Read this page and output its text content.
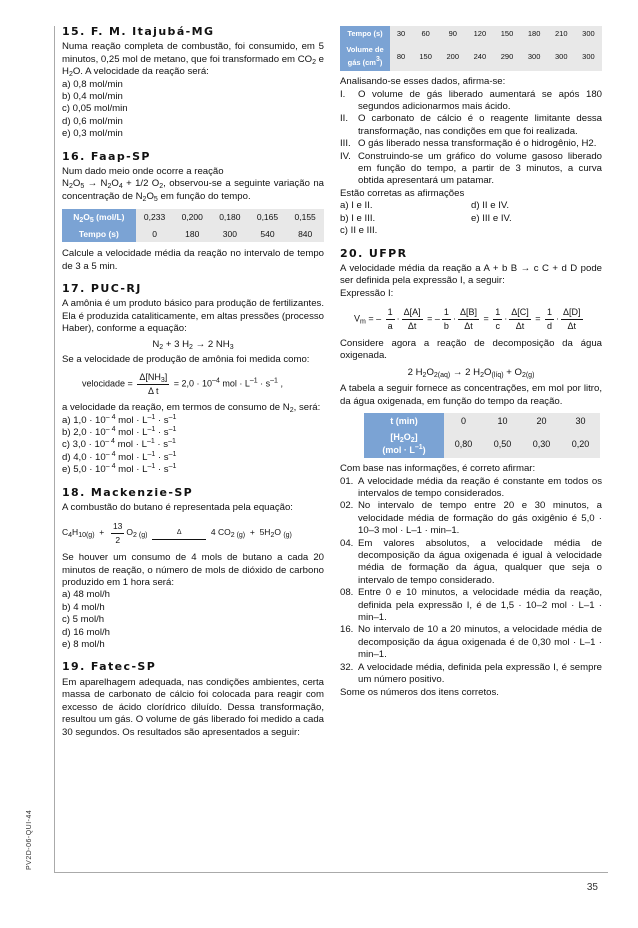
PV2D-06-QUI-44
35
15. F. M. Itajubá-MG

Numa reação completa de combustão, foi consumido, em 5 minutos, 0,25 mol de metano, que foi transformado em $CO_2$ e $H_2O$. A velocidade da reação será:

a) 0,8 mol/min

b) 0,4 mol/min

c) 0,05 mol/min

d) 0,6 mol/min

e) 0,3 mol/min

16. Faap-SP

Num dado meio onde ocorre a reação

$N_2O_5 \to N_2O_4 + 1/2$ $O_2$, observou-se a seguinte variação na concentração de $N_2O_5$ em função do tempo.

$N_2O_5$ (mol/L)	0,233	0,200	0,180	0,165	0,155
Tempo (s)	0	180	300	540	840

Calcule a velocidade média da reação no intervalo de tempo de 3 a 5 min.

17. PUC-RJ

A amônia é um produto básico para produção de fertilizantes. Ela é produzida cataliticamente, em altas pressões (processo Haber), conforme a equação:

$N_2 + 3$ $H_2 \to 2$ $NH_3$

Se a velocidade de produção de amônia foi medida como:

velocidade = $\frac{\Delta[NH_3]}{\text{Δ t}} = 2,0 \cdot 10^{-4}$ mol · $L^{-1} \cdot s^{-1}$ ,

a velocidade da reação, em termos de consumo de $N_2$, será:

a) $1,0 \cdot 10^{- 4}$ mol · $L^{-1} \cdot s^{-1}$

b) $2,0 \cdot 10^{- 4}$ mol · $L^{-1} \cdot s^{-1}$

c) $3,0 \cdot 10^{- 4}$ mol · $L^{-1} \cdot s^{-1}$

d) $4,0 \cdot 10^{- 4}$ mol · $L^{-1} \cdot s^{-1}$

e) $5,0 \cdot 10^{- 4}$ mol · $L^{-1} \cdot s^{-1}$

18. Mackenzie-SP

A combustão do butano é representada pela equação:

$C_4H_{10(g)} + \frac{13}{2} O_{2 (g)}$
Δ	4 $CO_{2 (g)} + 5H_2O$ $_{(g)}$

Se houver um consumo de 4 mols de butano a cada 20 minutos de reação, o número de mols de dióxido de carbono produzido em 1 hora será:

a) 48 mol/h

b) 4 mol/h

c) 5 mol/h

d) 16 mol/h

e) 8 mol/h

19. Fatec-SP

Em aparelhagem adequada, nas condições ambientes, certa massa de carbonato de cálcio foi colocada para reagir com excesso de ácido clorídrico diluído. Dessa transformação, resultou um gás. O volume de gás liberado foi medido a cada 30 segundos. Os resultados são apresentados a seguir:

Tempo (s)	30	60	90	120	150	180	210	300
Volume de gás $(cm^3)$	80	150	200	240	290	300	300	300

Analisando-se esses dados, afirma-se:

I.	O volume de gás liberado aumentará se após 180 segundos adicionarmos mais ácido.
II.	O carbonato de cálcio é o reagente limitante dessa transformação, nas condições em que foi realizada.
III. O gás liberado nessa transformação é o hidrogênio, H2.
IV. Construindo-se um gráfico do volume gasoso liberado em função do tempo, a partir de 3 minutos, a curva obtida apresentará um patamar.

Estão corretas as afirmações

a) I e II.

b) I e III.

c) II e III.

d) II e IV.

e) III e IV.

20. UFPR

A velocidade média da reação a A + b B → c C + d D pode ser definida pela expressão I, a seguir:

Expressão I:

$V_m$ = – $\frac{1}{a} \cdot \frac{\Delta[A]}{\Delta t}$ = – $\frac{1}{b} \cdot \frac{\Delta[B]}{\Delta t} = \frac{1}{c} \cdot \frac{\Delta[C]}{\Delta t} = \frac{1}{d} \cdot \frac{\Delta[D]}{\Delta t}$

Considere agora a reação de decomposição da água oxigenada.

2 $H_2O_{2(aq)} \to 2$ $H_2O_{(líq)} + O_{2(g)}$

A tabela a seguir fornece as concentrações, em mol por litro, da água oxigenada, em função do tempo da reação.

t (min)	0	10	20	30
$[H_2O_2]$
$(mol \cdot L^{-1})$	0,80	0,50	0,30	0,20

Com base nas informações, é correto afirmar:

01. A velocidade média da reação é constante em todos os intervalos de tempo considerados.
02. No intervalo de tempo entre 20 e 30 minutos, a velocidade média de formação do gás oxigênio é 5,0 · 10–3 mol · L–1 · min–1.
04. Em valores absolutos, a velocidade média de decomposição da água oxigenada é igual à velocidade média de formação da água, qualquer que seja o intervalo de tempo considerado.
08. Entre 0 e 10 minutos, a velocidade média da reação, definida pela expressão I, é de 1,5 · 10–2 mol · L–1 · min–1.
16. No intervalo de 10 a 20 minutos, a velocidade média de decomposição da água oxigenada é de 0,30 mol · L–1 · min–1.
32. A velocidade média, definida pela expressão I, é sempre um número positivo.

Some os números dos itens corretos.
